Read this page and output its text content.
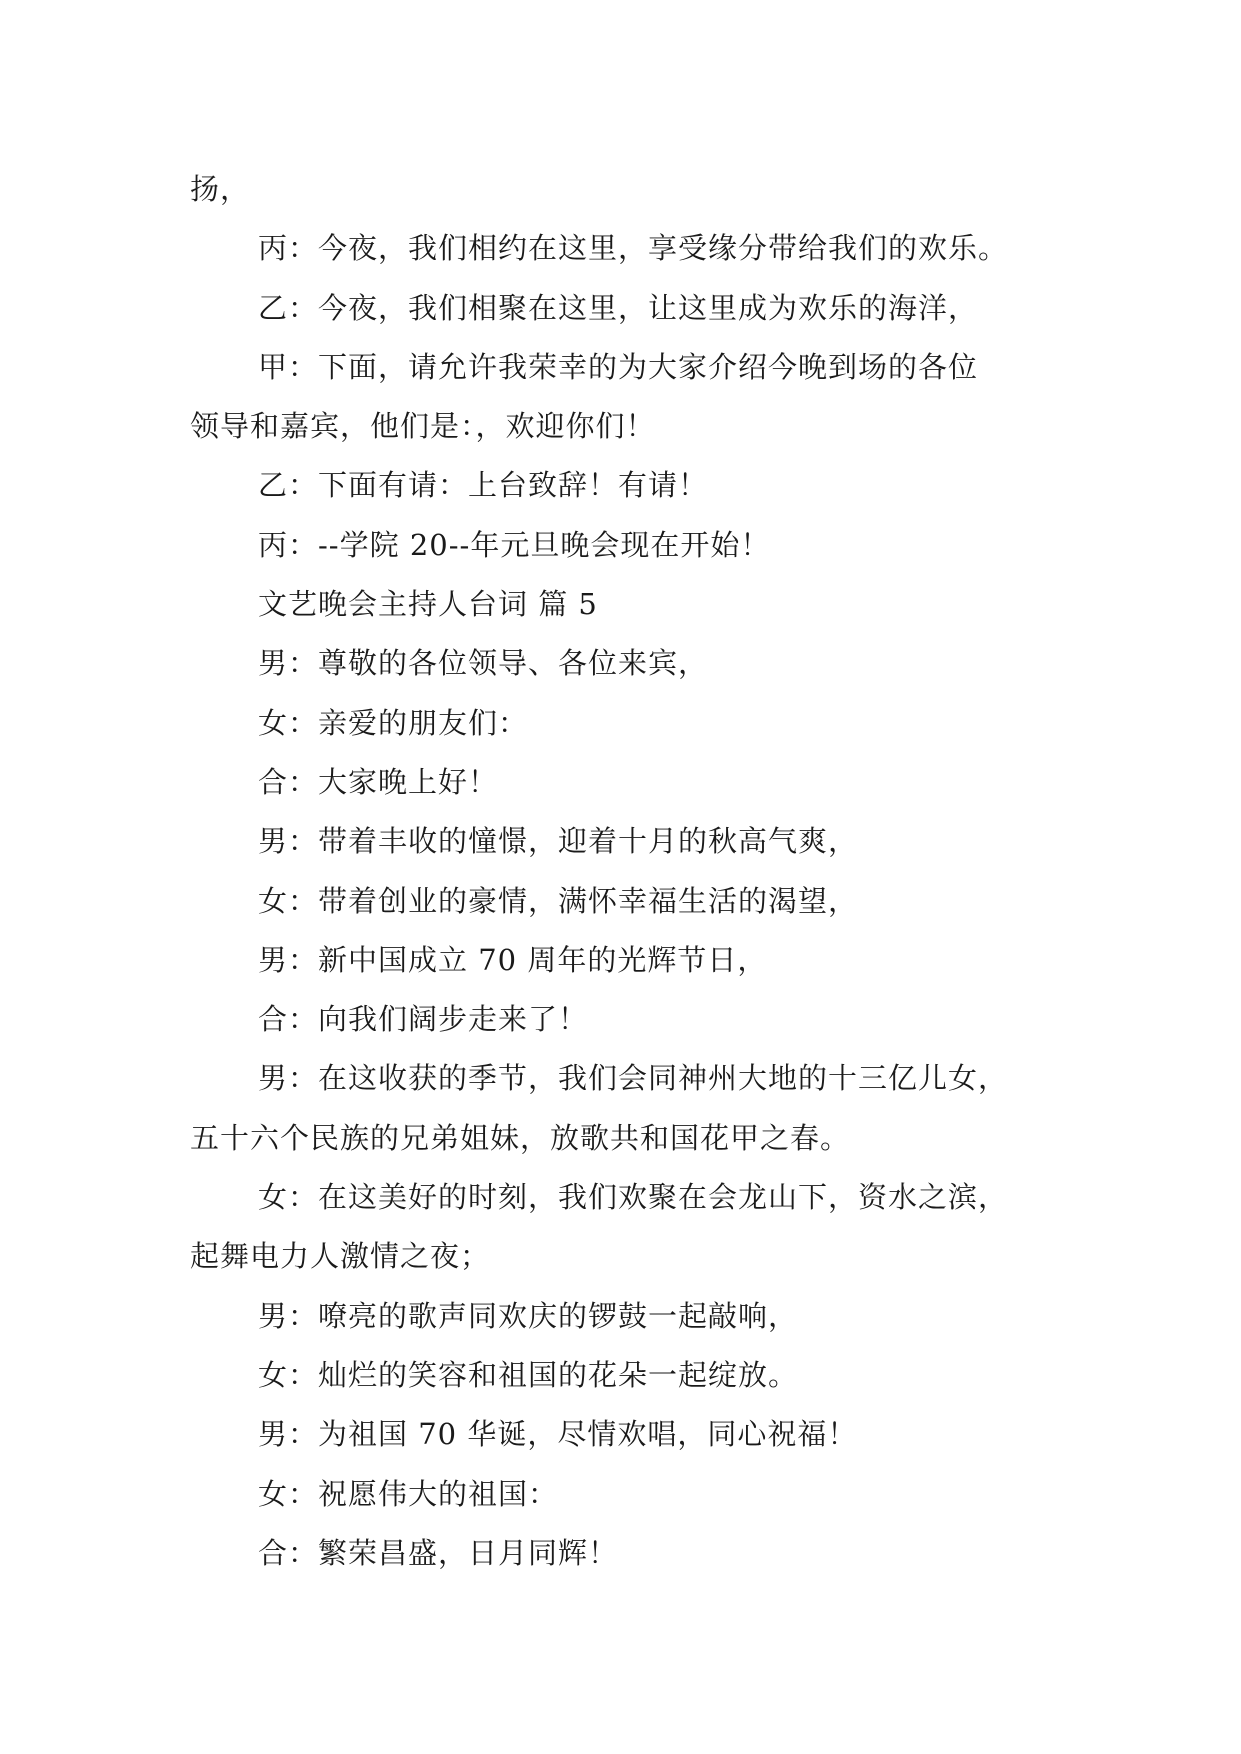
扬，
丙：今夜，我们相约在这里，享受缘分带给我们的欢乐。
乙：今夜，我们相聚在这里，让这里成为欢乐的海洋，
甲：下面，请允许我荣幸的为大家介绍今晚到场的各位
领导和嘉宾，他们是：，欢迎你们！
乙：下面有请：上台致辞！有请！
丙：--学院 20--年元旦晚会现在开始！
文艺晚会主持人台词 篇 5
男：尊敬的各位领导、各位来宾，
女：亲爱的朋友们：
合：大家晚上好！
男：带着丰收的憧憬，迎着十月的秋高气爽，
女：带着创业的豪情，满怀幸福生活的渴望，
男：新中国成立 70 周年的光辉节日，
合：向我们阔步走来了！
男：在这收获的季节，我们会同神州大地的十三亿儿女，
五十六个民族的兄弟姐妹，放歌共和国花甲之春。
女：在这美好的时刻，我们欢聚在会龙山下，资水之滨，
起舞电力人激情之夜；
男：嘹亮的歌声同欢庆的锣鼓一起敲响，
女：灿烂的笑容和祖国的花朵一起绽放。
男：为祖国 70 华诞，尽情欢唱，同心祝福！
女：祝愿伟大的祖国：
合：繁荣昌盛，日月同辉！
